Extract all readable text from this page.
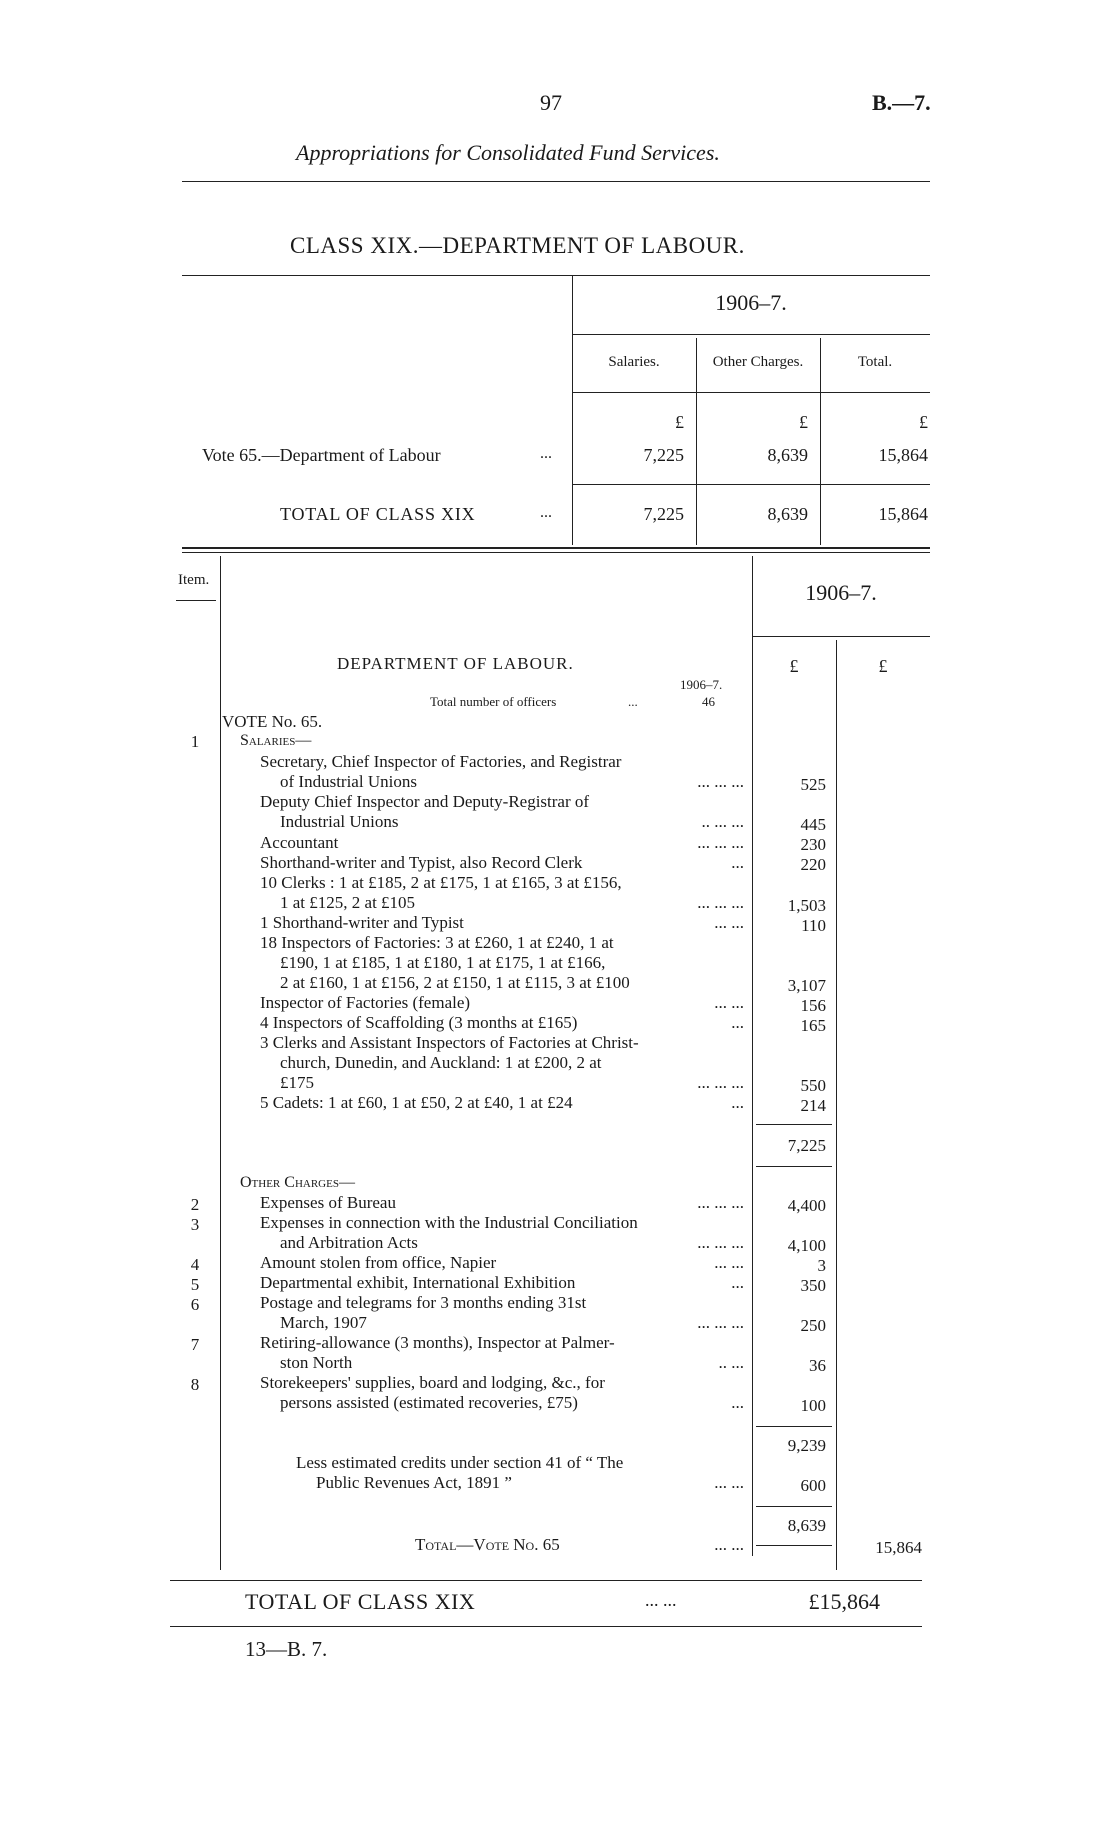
97	B.—7.
Appropriations for Consolidated Fund Services.
CLASS XIX.—DEPARTMENT OF LABOUR.
1906–7.
Salaries.	Other Charges.	Total.
£	£	£
Vote 65.—Department of Labour	...	7,225	8,639	15,864
TOTAL OF CLASS XIX	...	7,225	8,639	15,864
Item.	1906–7.
£	£
DEPARTMENT OF LABOUR.
1906–7.
Total number of officers	...	46
VOTE No. 65.
1	Salaries—
Secretary, Chief Inspector of Factories, and Registrar
of Industrial Unions	... ... ...	525
Deputy Chief Inspector and Deputy-Registrar of
Industrial Unions	.. ... ...	445
Accountant	... ... ...	230
Shorthand-writer and Typist, also Record Clerk	...	220
10 Clerks : 1 at £185, 2 at £175, 1 at £165, 3 at £156,
1 at £125, 2 at £105	... ... ...	1,503
1 Shorthand-writer and Typist	... ...	110
18 Inspectors of Factories: 3 at £260, 1 at £240, 1 at
£190, 1 at £185, 1 at £180, 1 at £175, 1 at £166,
2 at £160, 1 at £156, 2 at £150, 1 at £115, 3 at £100	3,107
Inspector of Factories (female)	... ...	156
4 Inspectors of Scaffolding (3 months at £165)	...	165
3 Clerks and Assistant Inspectors of Factories at Christ-
church, Dunedin, and Auckland: 1 at £200, 2 at
£175	... ... ...	550
5 Cadets: 1 at £60, 1 at £50, 2 at £40, 1 at £24	...	214
7,225
Other Charges—
2	Expenses of Bureau	... ... ...	4,400
3	Expenses in connection with the Industrial Conciliation
and Arbitration Acts	... ... ...	4,100
4	Amount stolen from office, Napier	... ...	3
5	Departmental exhibit, International Exhibition	...	350
6	Postage and telegrams for 3 months ending 31st
March, 1907	... ... ...	250
7	Retiring-allowance (3 months), Inspector at Palmer-
ston North	.. ...	36
8	Storekeepers' supplies, board and lodging, &c., for
persons assisted (estimated recoveries, £75)	...	100
9,239
Less estimated credits under section 41 of “ The
Public Revenues Act, 1891 ”	... ...	600
8,639
Total—Vote No. 65	... ...	15,864
TOTAL OF CLASS XIX	... ...	£15,864
13—B. 7.
